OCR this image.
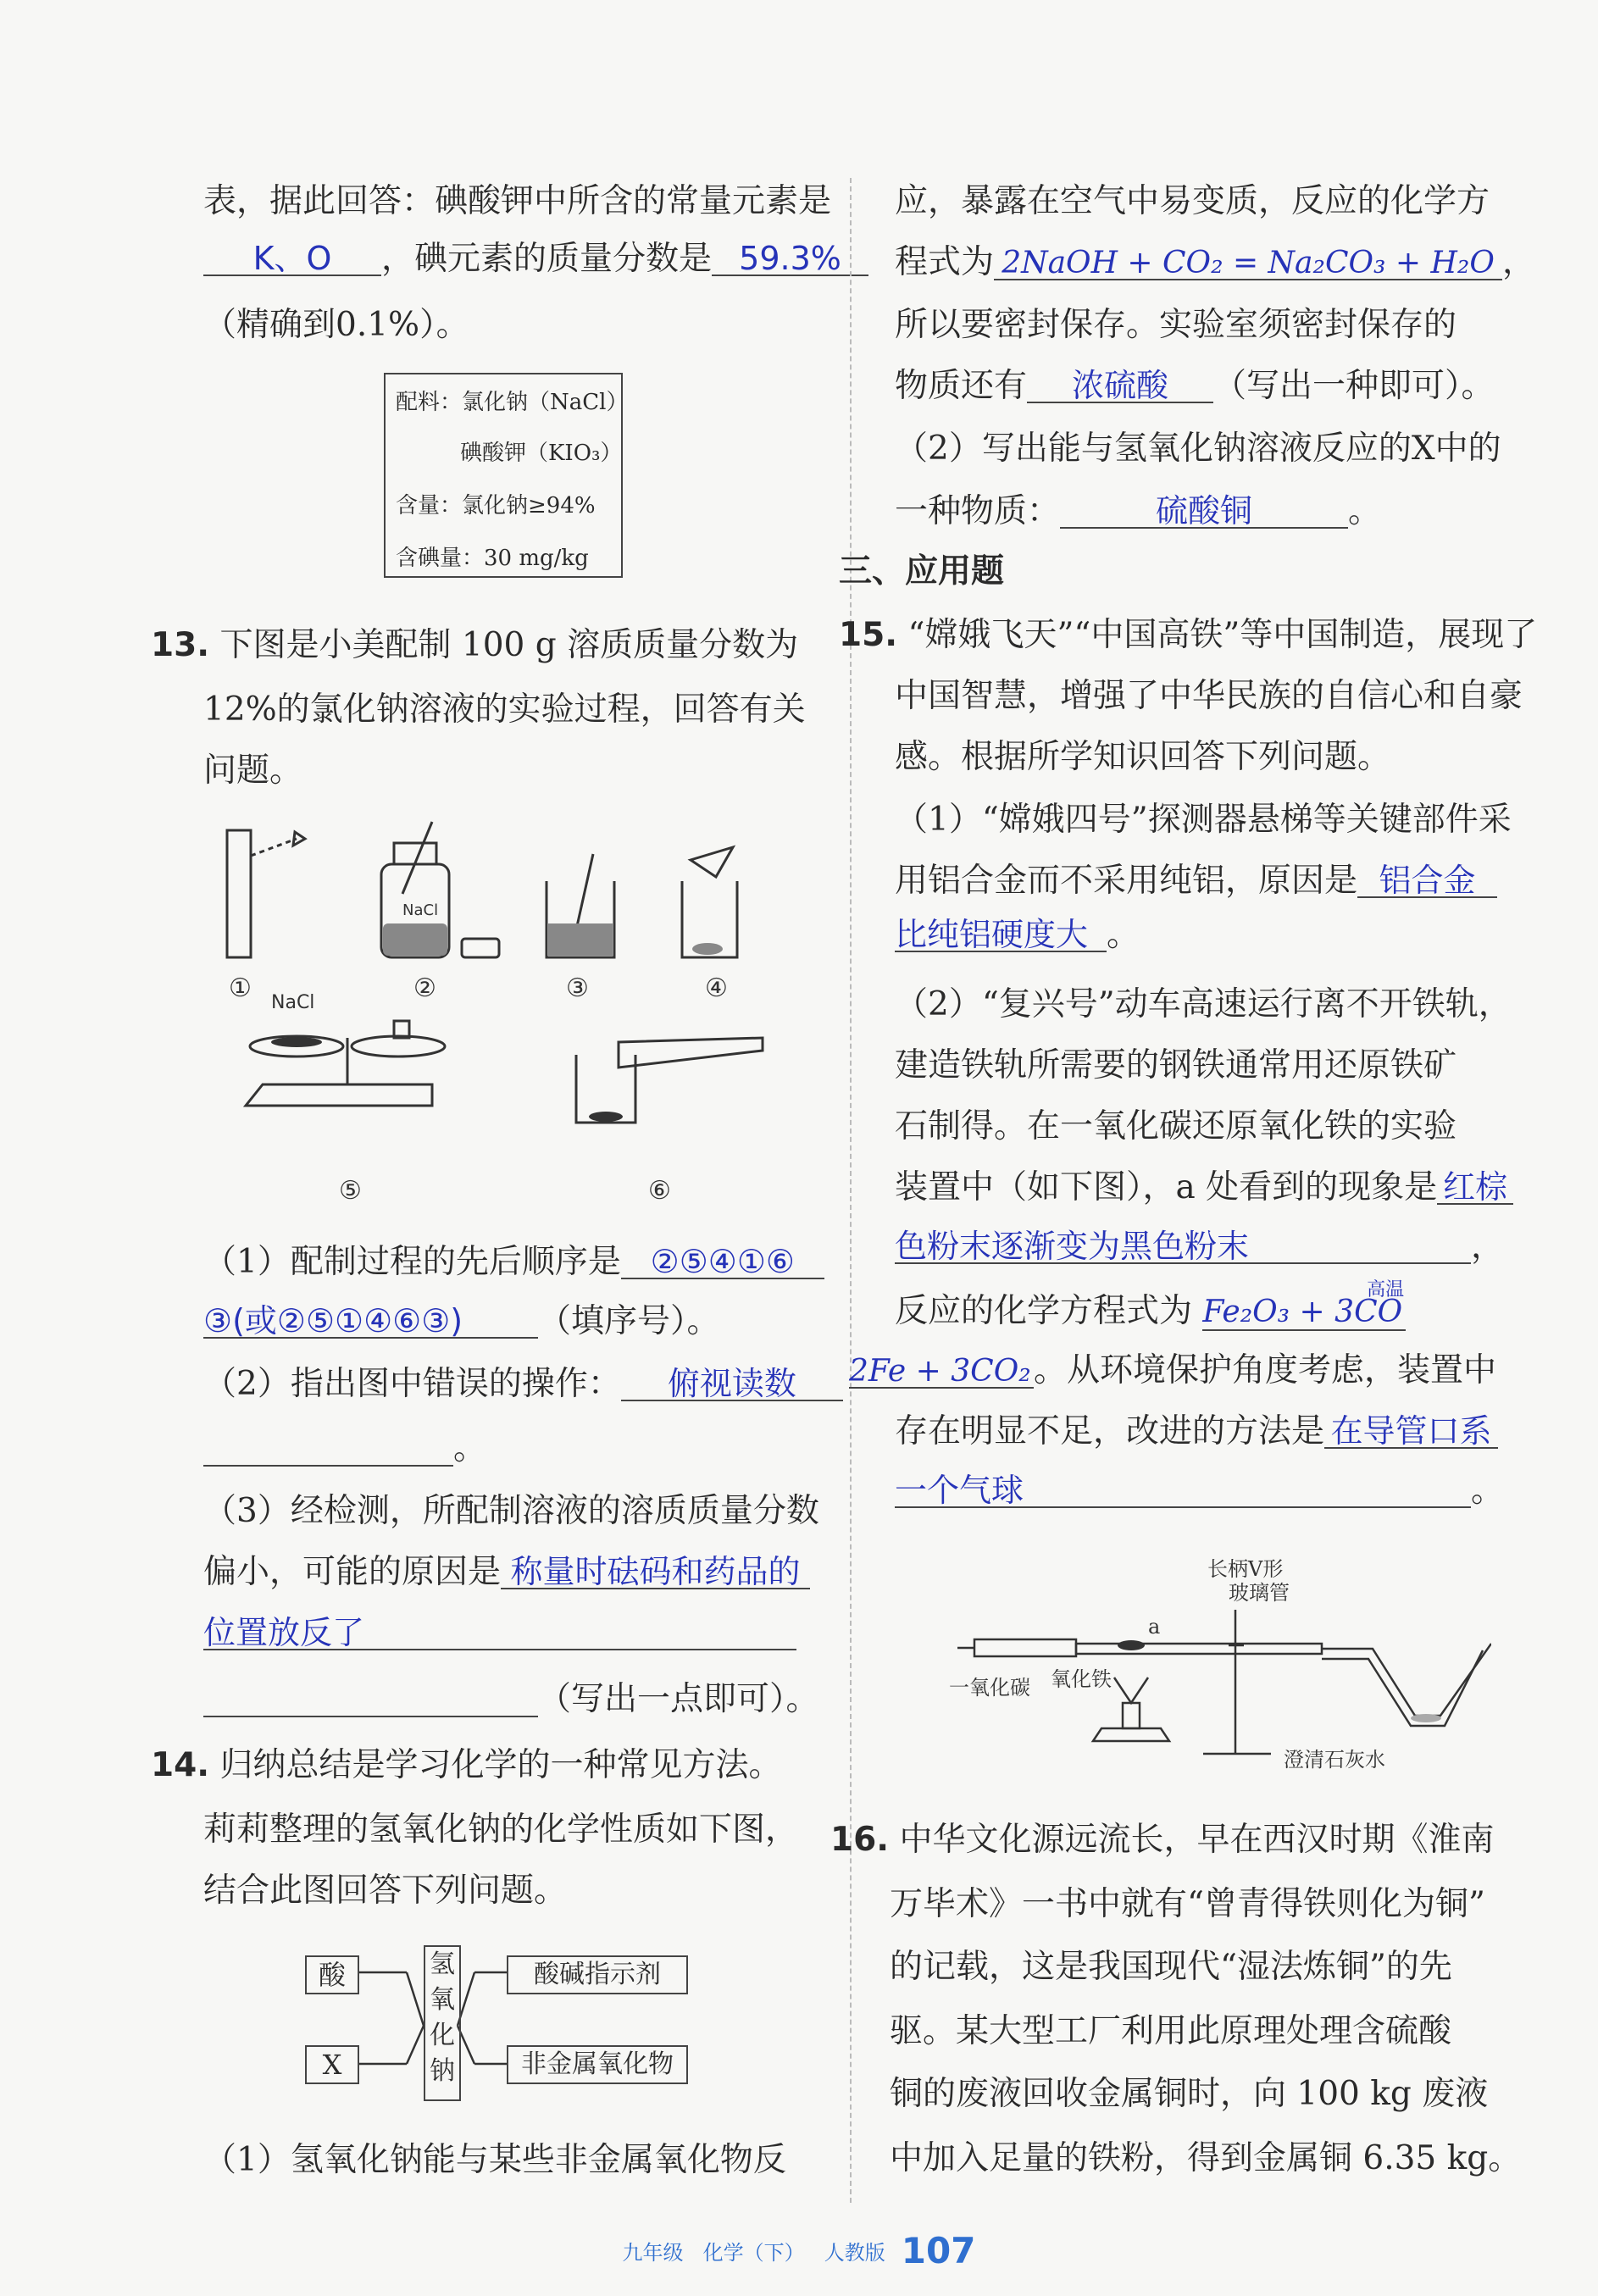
表，据此回答：碘酸钾中所含的常量元素是
K、O ，碘元素的质量分数是 59.3%
（精确到0.1%）。
配料：氯化钠（NaCl）
碘酸钾（KIO₃）
含量：氯化钠≥94%
含碘量：30 mg/kg
13. 下图是小美配制 100 g 溶质质量分数为
12%的氯化钠溶液的实验过程，回答有关
问题。
NaCl
NaCl
①	②	③	④
⑤	⑥
（1）配制过程的先后顺序是 ②⑤④①⑥
③(或②⑤①④⑥③) （填序号）。
（2）指出图中错误的操作： 俯视读数
。
（3）经检测，所配制溶液的溶质质量分数
偏小，可能的原因是 称量时砝码和药品的
位置放反了
（写出一点即可）。
14. 归纳总结是学习化学的一种常见方法。
莉莉整理的氢氧化钠的化学性质如下图，
结合此图回答下列问题。
酸
X
氢
氧
化
钠
酸碱指示剂
非金属氧化物
（1）氢氧化钠能与某些非金属氧化物反
应，暴露在空气中易变质，反应的化学方
程式为 2NaOH + CO₂ = Na₂CO₃ + H₂O ，
所以要密封保存。实验室须密封保存的
物质还有 浓硫酸 （写出一种即可）。
（2）写出能与氢氧化钠溶液反应的X中的
一种物质：	硫酸铜	。
三、应用题
15. “嫦娥飞天”“中国高铁”等中国制造，展现了
中国智慧，增强了中华民族的自信心和自豪
感。根据所学知识回答下列问题。
（1）“嫦娥四号”探测器悬梯等关键部件采
用铝合金而不采用纯铝，原因是 铝合金
比纯铝硬度大 。
（2）“复兴号”动车高速运行离不开铁轨，
建造铁轨所需要的钢铁通常用还原铁矿
石制得。在一氧化碳还原氧化铁的实验
装置中（如下图），a 处看到的现象是 红棕
色粉末逐渐变为黑色粉末	，
反应的化学方程式为 Fe₂O₃ + 3CO
高温
2Fe + 3CO₂。从环境保护角度考虑，装置中
存在明显不足，改进的方法是 在导管口系
一个气球	。
长柄V形
玻璃管
a
一氧化碳 氧化铁
澄清石灰水
16. 中华文化源远流长，早在西汉时期《淮南
万毕术》一书中就有“曾青得铁则化为铜”
的记载，这是我国现代“湿法炼铜”的先
驱。某大型工厂利用此原理处理含硫酸
铜的废液回收金属铜时，向 100 kg 废液
中加入足量的铁粉，得到金属铜 6.35 kg。
九年级 化学（下） 人教版 107
